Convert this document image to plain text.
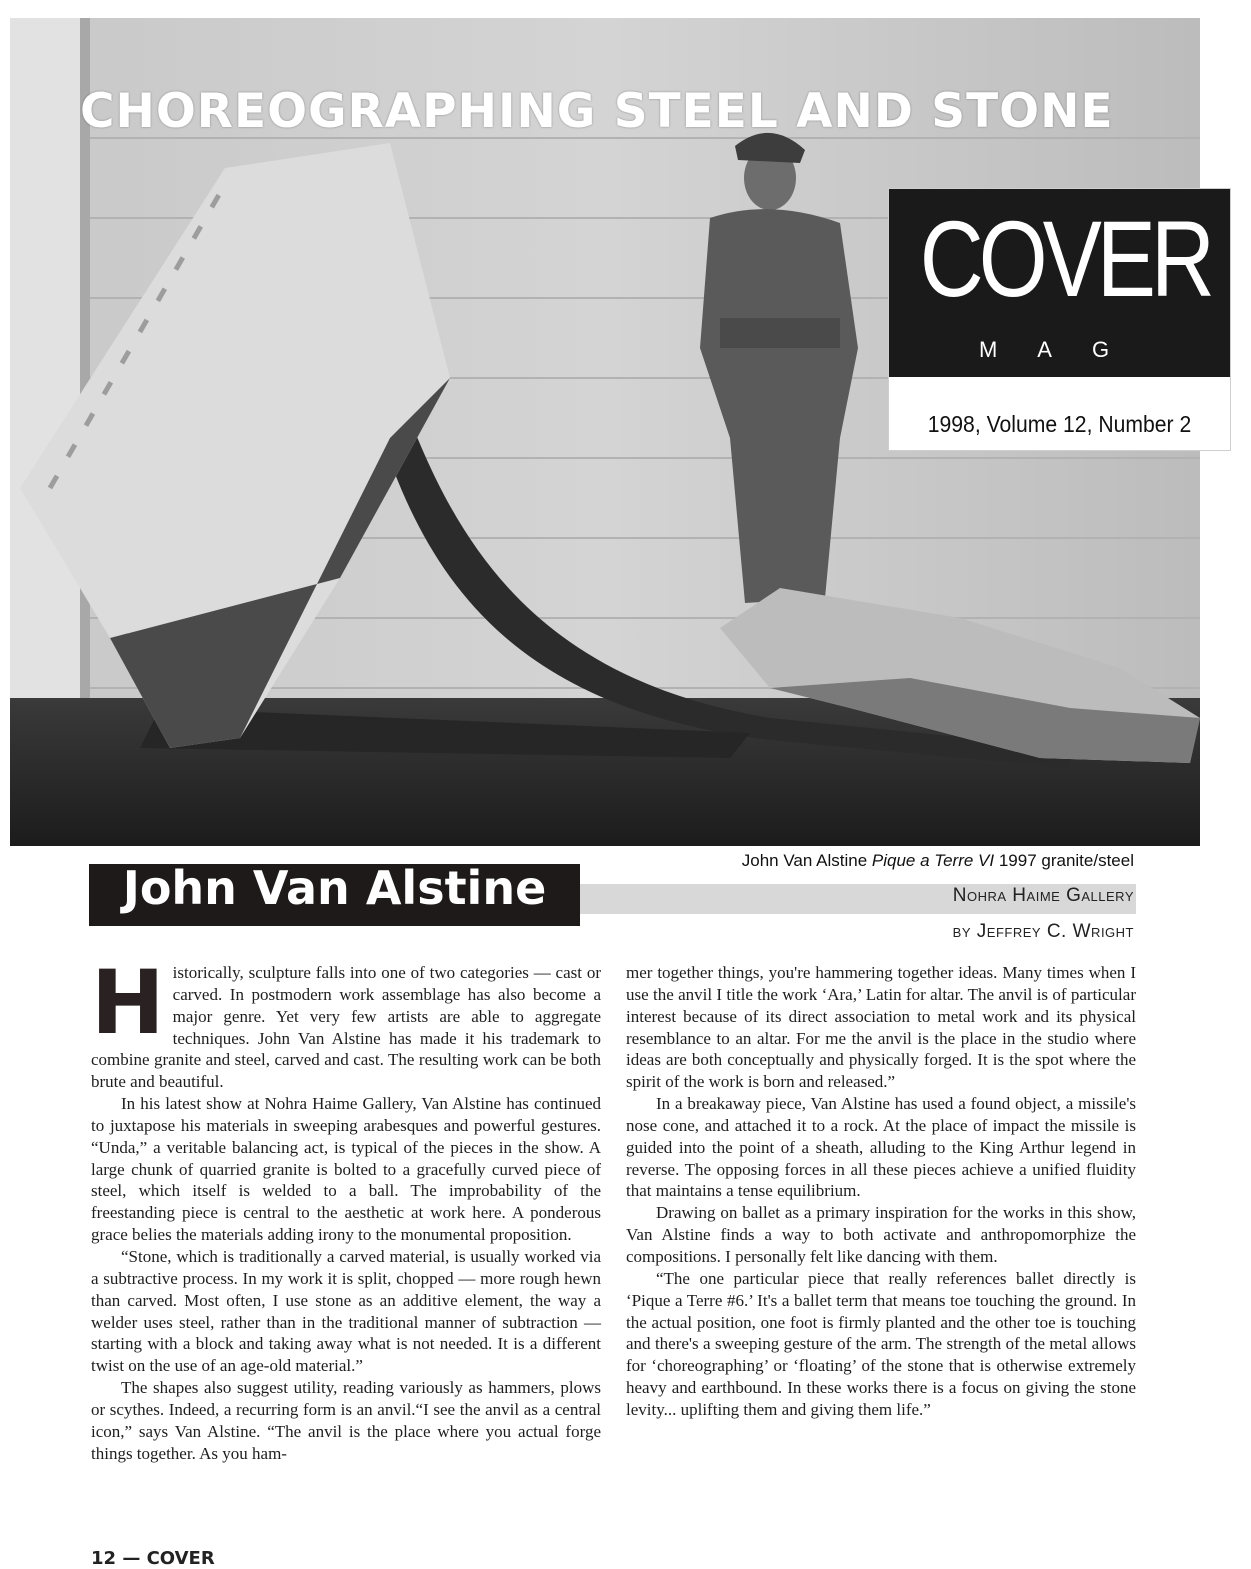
CHOREOGRAPHING STEEL AND STONE
COVER
MAG
1998, Volume 12, Number 2
John Van Alstine
John Van Alstine Pique a Terre VI 1997 granite/steel
Nohra Haime Gallery
by Jeffrey C. Wright

Historically, sculpture falls into one of two categories — cast or carved. In postmodern work assemblage has also become a major genre. Yet very few artists are able to aggregate techniques. John Van Alstine has made it his trademark to combine granite and steel, carved and cast. The resulting work can be both brute and beautiful.

In his latest show at Nohra Haime Gallery, Van Alstine has continued to juxtapose his materials in sweeping arabesques and powerful gestures. “Unda,” a veritable balancing act, is typical of the pieces in the show. A large chunk of quarried granite is bolted to a gracefully curved piece of steel, which itself is welded to a ball. The improbability of the freestanding piece is central to the aesthetic at work here. A ponderous grace belies the materials adding irony to the monumental proposition.

“Stone, which is traditionally a carved material, is usually worked via a subtractive process. In my work it is split, chopped — more rough hewn than carved. Most often, I use stone as an additive element, the way a welder uses steel, rather than in the traditional manner of subtraction — starting with a block and taking away what is not needed. It is a different twist on the use of an age-old material.”

The shapes also suggest utility, reading variously as hammers, plows or scythes. Indeed, a recurring form is an anvil.“I see the anvil as a central icon,” says Van Alstine. “The anvil is the place where you actual forge things together. As you ham-

mer together things, you're hammering together ideas. Many times when I use the anvil I title the work ‘Ara,’ Latin for altar. The anvil is of particular interest because of its direct association to metal work and its physical resemblance to an altar. For me the anvil is the place in the studio where ideas are both conceptually and physically forged. It is the spot where the spirit of the work is born and released.”

In a breakaway piece, Van Alstine has used a found object, a missile's nose cone, and attached it to a rock. At the place of impact the missile is guided into the point of a sheath, alluding to the King Arthur legend in reverse. The opposing forces in all these pieces achieve a unified fluidity that maintains a tense equilibrium.

Drawing on ballet as a primary inspiration for the works in this show, Van Alstine finds a way to both activate and anthropomorphize the compositions. I personally felt like dancing with them.

“The one particular piece that really references ballet directly is ‘Pique a Terre #6.’ It's a ballet term that means toe touching the ground. In the actual position, one foot is firmly planted and the other toe is touching and there's a sweeping gesture of the arm. The strength of the metal allows for ‘choreographing’ or ‘floating’ of the stone that is otherwise extremely heavy and earthbound. In these works there is a focus on giving the stone levity... uplifting them and giving them life.”

12 — COVER
